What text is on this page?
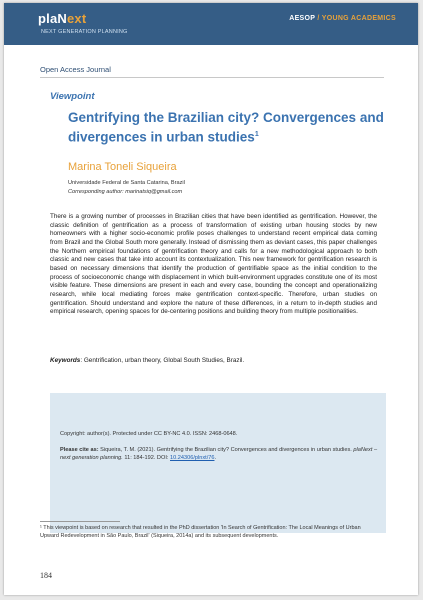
plaNext
NEXT GENERATION PLANNING
AESOP / YOUNG ACADEMICS
Open Access Journal
Viewpoint
Gentrifying the Brazilian city? Convergences and divergences in urban studies$^1$
Marina Toneli Siqueira
Universidade Federal de Santa Catarina, Brazil
Corresponding author: marinatsiq@gmail.com

There is a growing number of processes in Brazilian cities that have been identified as gentrification. However, the classic definition of gentrification as a process of transformation of existing urban housing stocks by new homeowners with a higher socio-economic profile poses challenges to understand recent empirical data coming from Brazil and the Global South more generally. Instead of dismissing them as deviant cases, this paper challenges the Northern empirical foundations of gentrification theory and calls for a new methodological approach to both classic and new cases that take into account its contextualization. This new framework for gentrification research is based on necessary dimensions that identify the production of gentrifiable space as the initial condition to the process of socioeconomic change with displacement in which built-environment upgrades constitute one of its most visible feature. These dimensions are present in each and every case, bounding the concept and operationalizing research, while local mediating forces make gentrification context-specific. Therefore, urban studies on gentrification. Should understand and explore the nature of these differences, in a return to in-depth studies and empirical research, opening spaces for de-centering positions and building theory from multiple positionalities.

Keywords: Gentrification, urban theory, Global South Studies, Brazil.
Copyright: author(s). Protected under CC BY-NC 4.0. ISSN: 2468-0648.
Please cite as: Siqueira, T. M. (2021). Gentrifying the Brazilian city? Convergences and divergences in urban studies. plaNext – next generation planning. 11: 184-192. DOI: 10.24306/plnxt/76.
¹ This viewpoint is based on research that resulted in the PhD dissertation 'In Search of Gentrification: The Local Meanings of Urban Upward Redevelopment in São Paulo, Brazil' (Siqueira, 2014a) and its subsequent developments.
184
